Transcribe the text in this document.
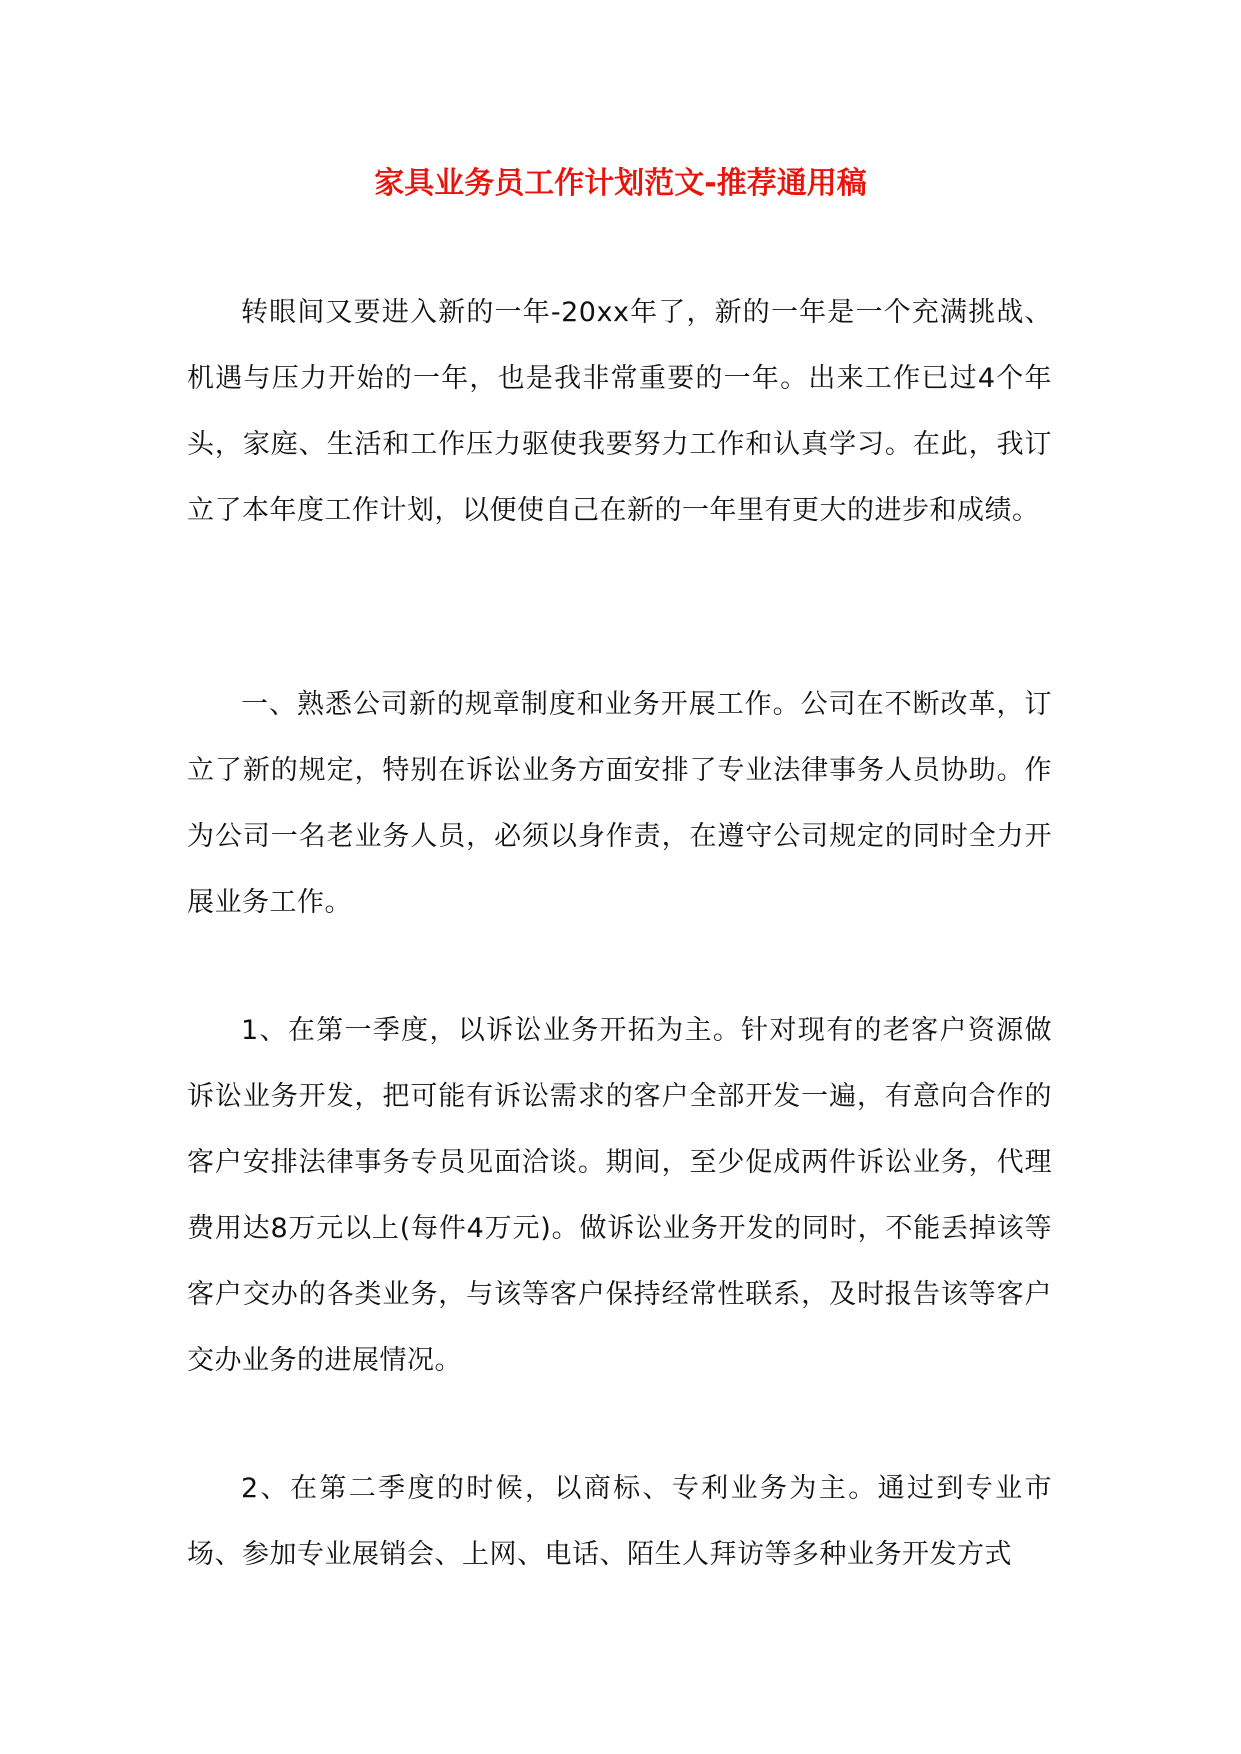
家具业务员工作计划范文-推荐通用稿

转眼间又要进入新的一年-20xx年了，新的一年是一个充满挑战、机遇与压力开始的一年，也是我非常重要的一年。出来工作已过4个年头，家庭、生活和工作压力驱使我要努力工作和认真学习。在此，我订立了本年度工作计划，以便使自己在新的一年里有更大的进步和成绩。

一、熟悉公司新的规章制度和业务开展工作。公司在不断改革，订立了新的规定，特别在诉讼业务方面安排了专业法律事务人员协助。作为公司一名老业务人员，必须以身作责，在遵守公司规定的同时全力开展业务工作。

1、在第一季度，以诉讼业务开拓为主。针对现有的老客户资源做诉讼业务开发，把可能有诉讼需求的客户全部开发一遍，有意向合作的客户安排法律事务专员见面洽谈。期间，至少促成两件诉讼业务，代理费用达8万元以上(每件4万元)。做诉讼业务开发的同时，不能丢掉该等客户交办的各类业务，与该等客户保持经常性联系，及时报告该等客户交办业务的进展情况。

2、在第二季度的时候，以商标、专利业务为主。通过到专业市场、参加专业展销会、上网、电话、陌生人拜访等多种业务开发方式
